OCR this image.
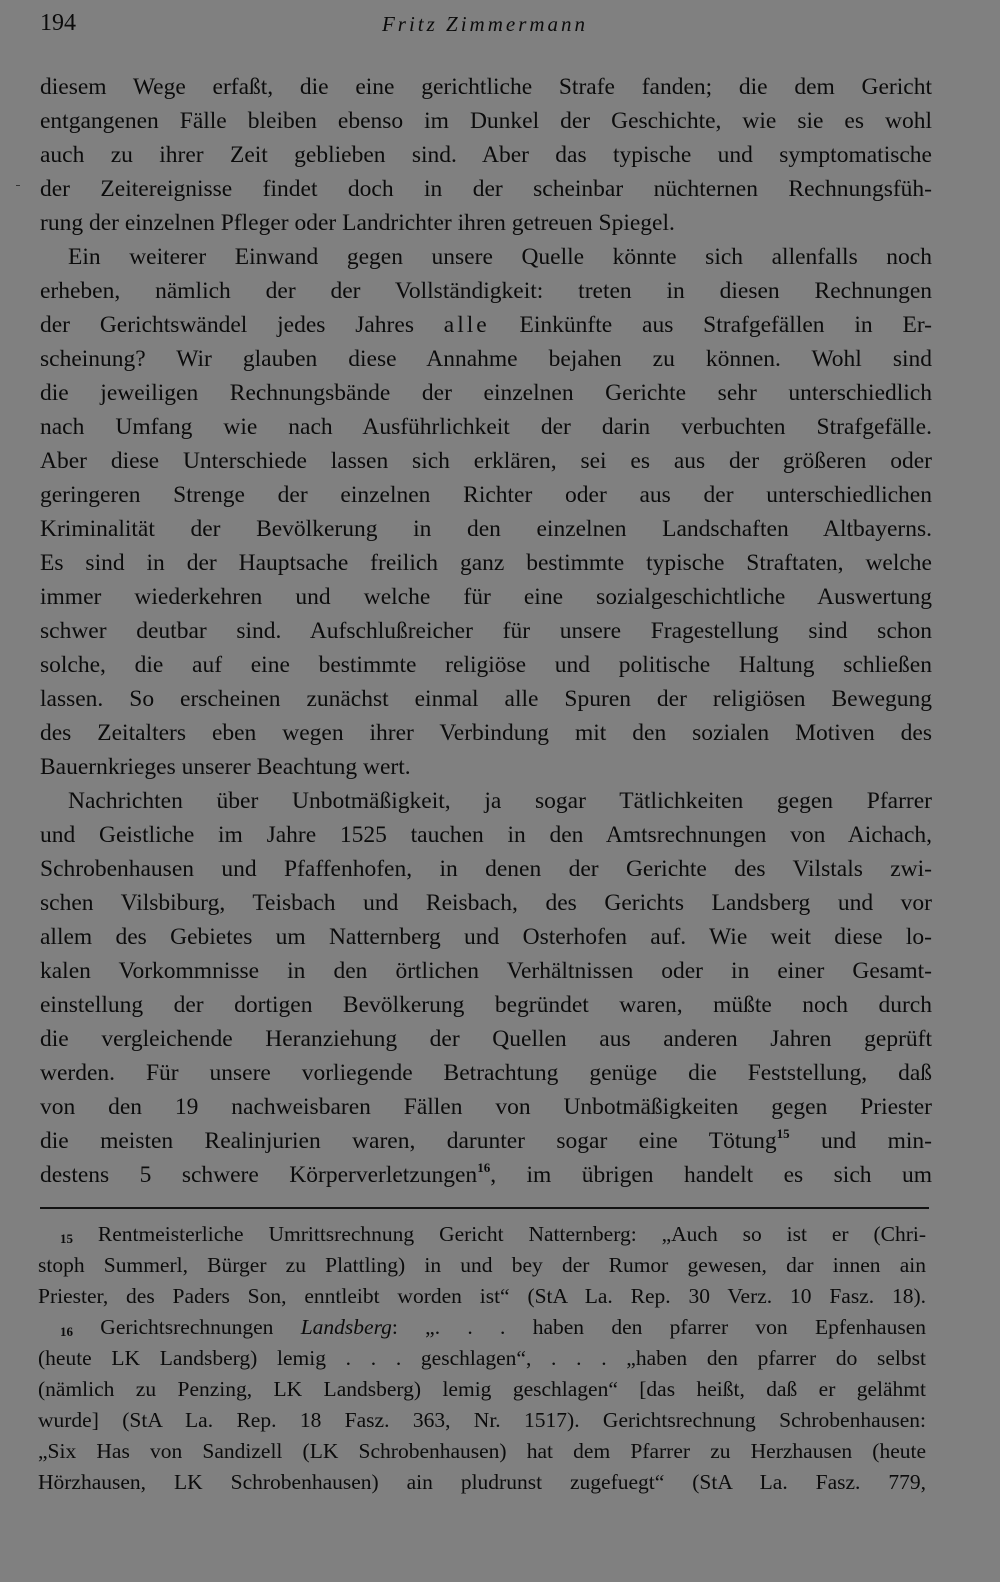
194	Fritz Zimmermann
diesem Wege erfaßt, die eine gerichtliche Strafe fanden; die dem Gericht
entgangenen Fälle bleiben ebenso im Dunkel der Geschichte, wie sie es wohl
auch zu ihrer Zeit geblieben sind. Aber das typische und symptomatische
der Zeitereignisse findet doch in der scheinbar nüchternen Rechnungsfüh-
rung der einzelnen Pfleger oder Landrichter ihren getreuen Spiegel.
Ein weiterer Einwand gegen unsere Quelle könnte sich allenfalls noch
erheben, nämlich der der Vollständigkeit: treten in diesen Rechnungen
der Gerichtswändel jedes Jahres alle Einkünfte aus Strafgefällen in Er-
scheinung? Wir glauben diese Annahme bejahen zu können. Wohl sind
die jeweiligen Rechnungsbände der einzelnen Gerichte sehr unterschiedlich
nach Umfang wie nach Ausführlichkeit der darin verbuchten Strafgefälle.
Aber diese Unterschiede lassen sich erklären, sei es aus der größeren oder
geringeren Strenge der einzelnen Richter oder aus der unterschiedlichen
Kriminalität der Bevölkerung in den einzelnen Landschaften Altbayerns.
Es sind in der Hauptsache freilich ganz bestimmte typische Straftaten, welche
immer wiederkehren und welche für eine sozialgeschichtliche Auswertung
schwer deutbar sind. Aufschlußreicher für unsere Fragestellung sind schon
solche, die auf eine bestimmte religiöse und politische Haltung schließen
lassen. So erscheinen zunächst einmal alle Spuren der religiösen Bewegung
des Zeitalters eben wegen ihrer Verbindung mit den sozialen Motiven des
Bauernkrieges unserer Beachtung wert.
Nachrichten über Unbotmäßigkeit, ja sogar Tätlichkeiten gegen Pfarrer
und Geistliche im Jahre 1525 tauchen in den Amtsrechnungen von Aichach,
Schrobenhausen und Pfaffenhofen, in denen der Gerichte des Vilstals zwi-
schen Vilsbiburg, Teisbach und Reisbach, des Gerichts Landsberg und vor
allem des Gebietes um Natternberg und Osterhofen auf. Wie weit diese lo-
kalen Vorkommnisse in den örtlichen Verhältnissen oder in einer Gesamt-
einstellung der dortigen Bevölkerung begründet waren, müßte noch durch
die vergleichende Heranziehung der Quellen aus anderen Jahren geprüft
werden. Für unsere vorliegende Betrachtung genüge die Feststellung, daß
von den 19 nachweisbaren Fällen von Unbotmäßigkeiten gegen Priester
die meisten Realinjurien waren, darunter sogar eine Tötung$^{15}$ und min-
destens 5 schwere Körperverletzungen$^{16}$, im übrigen handelt es sich um
$^{15}$ Rentmeisterliche Umrittsrechnung Gericht Natternberg: „Auch so ist er (Chri-
stoph Summerl, Bürger zu Plattling) in und bey der Rumor gewesen, dar innen ain
Priester, des Paders Son, enntleibt worden ist“ (StA La. Rep. 30 Verz. 10 Fasz. 18).
$^{16}$ Gerichtsrechnungen Landsberg: „. . . haben den pfarrer von Epfenhausen
(heute LK Landsberg) lemig . . . geschlagen“, . . . „haben den pfarrer do selbst
(nämlich zu Penzing, LK Landsberg) lemig geschlagen“ [das heißt, daß er gelähmt
wurde] (StA La. Rep. 18 Fasz. 363, Nr. 1517). Gerichtsrechnung Schrobenhausen:
„Six Has von Sandizell (LK Schrobenhausen) hat dem Pfarrer zu Herzhausen (heute
Hörzhausen, LK Schrobenhausen) ain pludrunst zugefuegt“ (StA La. Fasz. 779,
